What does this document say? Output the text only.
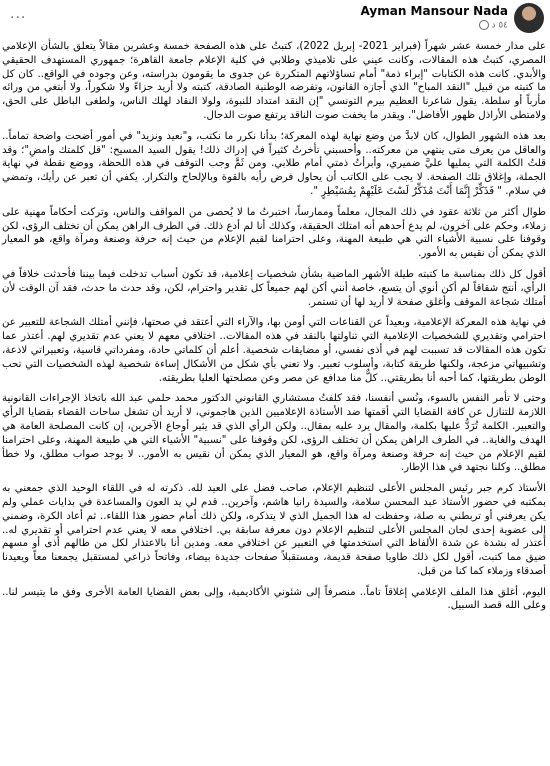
···	Ayman Mansour Nada
٥٤ د

على مدار خمسة عشر شهراً (فبراير 2021- إبريل 2022)، كتبتُ على هذه الصفحة خمسة وعشرين مقالاً يتعلق بالشأن الإعلامي المصري، كتبتُ هذه المقالات، وكانت عيني على تلاميذي وطلابي في كلية الإعلام جامعة القاهرة؛ جمهوري المستهدف الحقيقي والأبدي. كانت هذه الكتابات "إبراء ذمة" أمام تساؤلاتهم المتكررة عن جدوى ما يقومون بدراسته، وعن وجوده في الواقع.. كان كل ما كتبته من قبيل "النقد المباح" الذي أجازه القانون، وتفرضه الوطنية الصادقة، كتبته ولا أريد جزاءً ولا شكوراً، ولا أبتغي من ورائه مأرباً أو سلطة. يقول شاعرنا العظيم بيرم التونسي "إن النقد امتداد للنبوة، ولولا النقاد لهلك الناس، ولطغى الباطل على الحق، ولامتطى الأراذل ظهور الأفاضل". ويقدر ما يخفت صوت الناقد يرتفع صوت الدجال.

بعد هذه الشهور الطوال، كان لابدَّ من وضع نهاية لهذه المعركة؛ بدأنا نكرر ما نكتب، و"نعيد ونزيد" في أمور أضحت واضحة تماماً.. والعاقل من يعرف متى ينتهي من معركته.. وأحسبني تأخرتُ كثيراً في إدراك ذلك! يقول السيد المسيح: "قل كلمتك وامضِ"؛ وقد قلتُ الكلمة التي يمليها عليَّ ضميري، وأبرأتُ ذمتي أمام طلابي. ومن ثَمَّ وجب التوقف في هذه اللحظة، ووضع نقطة في نهاية الجملة، وإغلاق تلك الصفحة. لا يجب على الكاتب أن يحاول فرض رأيه بالقوة وبالإلحاح والتكرار. يكفي أن تعبر عن رأيك، وتمضي في سلام. " فَذَكِّرْ إِنَّمَا أَنْتَ مُذَكِّرٌ لَسْتَ عَلَيْهِمْ بِمُسَيْطِرٍ ".

طوال أكثر من ثلاثة عقود في ذلك المجال، معلماً وممارساً، اختبرتُ ما لا يُحصى من المواقف والناس، وتركت أحكاماً مهنية على زملاء، وحكم على آخرون، لم يدع أحدهم أنه امتلك الحقيقة، وكذلك أنا لم أدع ذلك. في الطرف الراهن يمكن أن تختلف الرؤى، لكن وقوفنا على نسبية الأشياء التي هي طبيعة المهنة، وعلى احترامنا لقيم الإعلام من حيث إنه حرفة وصنعة ومرآة واقع، هو المعيار الذي يمكن أن نقيس به الأمور.

أقول كل ذلك بمناسبة ما كتبته طيلة الأشهر الماضية بشأن شخصيات إعلامية، قد تكون أسباب تدخلت فيما بيننا فأحدثت خلافاً في الرأي، أنتج شقاقاً لم أكن أنوي أن يتسع، خاصة أنني أكن لهم جميعاً كل تقدير واحترام، لكن، وقد حدث ما حدث، فقد آن الوقت لأن أمتلك شجاعة الموقف وأغلق صفحة لا أريد لها أن تستمر.

في نهاية هذه المعركة الإعلامية، وبعيداً عن القناعات التي أومن بها، والآراء التي أعتقد في صحتها، فإنني أمتلك الشجاعة للتعبير عن احترامي وتقديري للشخصيات الإعلامية التي تناولتها بالنقد في هذه المقالات.. اختلافي معهم لا يعني عدم تقديري لهم. أعتذر عما تكون هذه المقالات قد تسببت لهم في أذى نفسي، أو مضايقات شخصية. أعلم أن كلماتي حادة، ومفرداتي قاسية، وتعبيراتي لاذعة، وتشبيهاتي مزعجة، ولكنها طريقة كتابة، وأسلوب تعبير. ولا تعني بأي شكل من الأشكال إساءة شخصية لهذه الشخصيات التي تحب الوطن بطريقتها، كما أحبه أنا بطريقتي.. كلٌّ منا مدافع عن مصر وعن مصلحتها العليا بطريقته.

وحتى لا تأمر النفس بالسوء، ونُسي أنفسنا، فقد كلفتُ مستشاري القانوني الدكتور محمد حلمي عبد الله باتخاذ الإجراءات القانونية اللازمة للتنازل عن كافة القضايا التي أقمتها ضد الأستاذة الإعلاميين الذين هاجموني، لا أريد أن تشغل ساحات القضاء بقضايا الرأي والتعبير. الكلمة تُرَدُّ عليها بكلمة، والمقال يرد عليه بمقال.. ولكن الرأي الذي قد يثير أوجاع الآخرين، إن كانت المصلحة العامة هي الهدف والغاية.. في الطرف الراهن يمكن أن تختلف الرؤى، لكن وقوفنا على "نسبية" الأشياء التي هي طبيعة المهنة، وعلى احترامنا لقيم الإعلام من حيث إنه حرفة وصنعة ومرآة واقع، هو المعيار الذي يمكن أن نقيس به الأمور.. لا يوجد صواب مطلق، ولا خطأ مطلق.. وكلنا نجتهد في هذا الإطار.

الأستاذ كرم جبر رئيس المجلس الأعلى لتنظيم الإعلام، صاحب فضل على العيد لله. ذكرته له في اللقاء الوحيد الذي جمعني به بمكتبه في حضور الأستاذ عبد المحسن سلامة، والسيدة رانيا هاشم، وآخرين.. قدم لي يد العون والمساعدة في بدايات عملي ولم يكن يعرفني أو تربطني به صلة، وحفظت له هذا الجميل الذي لا يتذكره، ولكن ذلك أمام حضور هذا اللقاء.. ثم أعاد الكرة، وضمني إلى عضوية إحدى لجان المجلس الأعلى لتنظيم الإعلام دون معرفة سابقة بي. اختلافي معه لا يعني عدم احترامي أو تقديري له.. أعتذر له بشدة عن شدة الألفاظ التي استخدمتها في التعبير عن اختلافي معه. ومدين أنا بالاعتذار لكل من طالهم أذى أو مسهم ضيق مما كتبت، أقول لكل ذلك طاويا صفحة قديمة، ومستقبلاً صفحات جديدة بيضاء، وفاتحاً ذراعي لمستقبل يجمعنا معاً ويعيدنا أصدقاء وزملاء كما كنا من قبل.

اليوم، أغلق هذا الملف الإعلامي إغلاقاً تاماً.. منصرفاً إلى شئوني الأكاديمية، وإلى بعض القضايا العامة الأخرى وفق ما يتيسر لنا.. وعلى الله قصد السبيل.
